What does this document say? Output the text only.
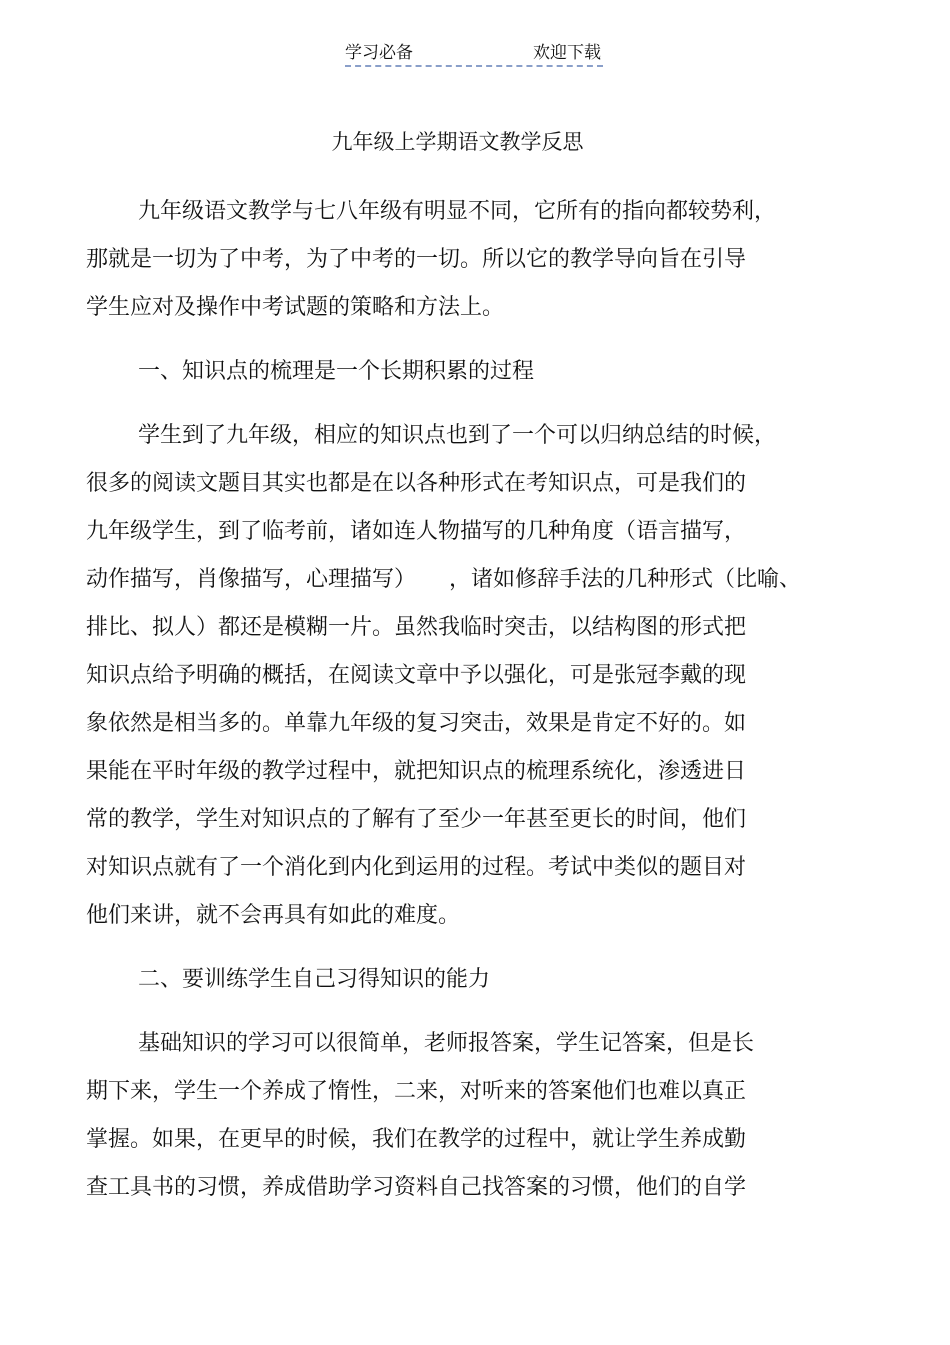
学习必备	欢迎下载
九年级上学期语文教学反思
九年级语文教学与七八年级有明显不同，它所有的指向都较势利，
那就是一切为了中考，为了中考的一切。所以它的教学导向旨在引导
学生应对及操作中考试题的策略和方法上。
一、知识点的梳理是一个长期积累的过程
学生到了九年级，相应的知识点也到了一个可以归纳总结的时候，
很多的阅读文题目其实也都是在以各种形式在考知识点，可是我们的
九年级学生，到了临考前，诸如连人物描写的几种角度（语言描写，
动作描写，肖像描写，心理描写）　　，诸如修辞手法的几种形式（比喻、
排比、拟人）都还是模糊一片。虽然我临时突击，以结构图的形式把
知识点给予明确的概括，在阅读文章中予以强化，可是张冠李戴的现
象依然是相当多的。单靠九年级的复习突击，效果是肯定不好的。如
果能在平时年级的教学过程中，就把知识点的梳理系统化，渗透进日
常的教学，学生对知识点的了解有了至少一年甚至更长的时间，他们
对知识点就有了一个消化到内化到运用的过程。考试中类似的题目对
他们来讲，就不会再具有如此的难度。
二、要训练学生自己习得知识的能力
基础知识的学习可以很简单，老师报答案，学生记答案，但是长
期下来，学生一个养成了惰性，二来，对听来的答案他们也难以真正
掌握。如果，在更早的时候，我们在教学的过程中，就让学生养成勤
查工具书的习惯，养成借助学习资料自己找答案的习惯，他们的自学
